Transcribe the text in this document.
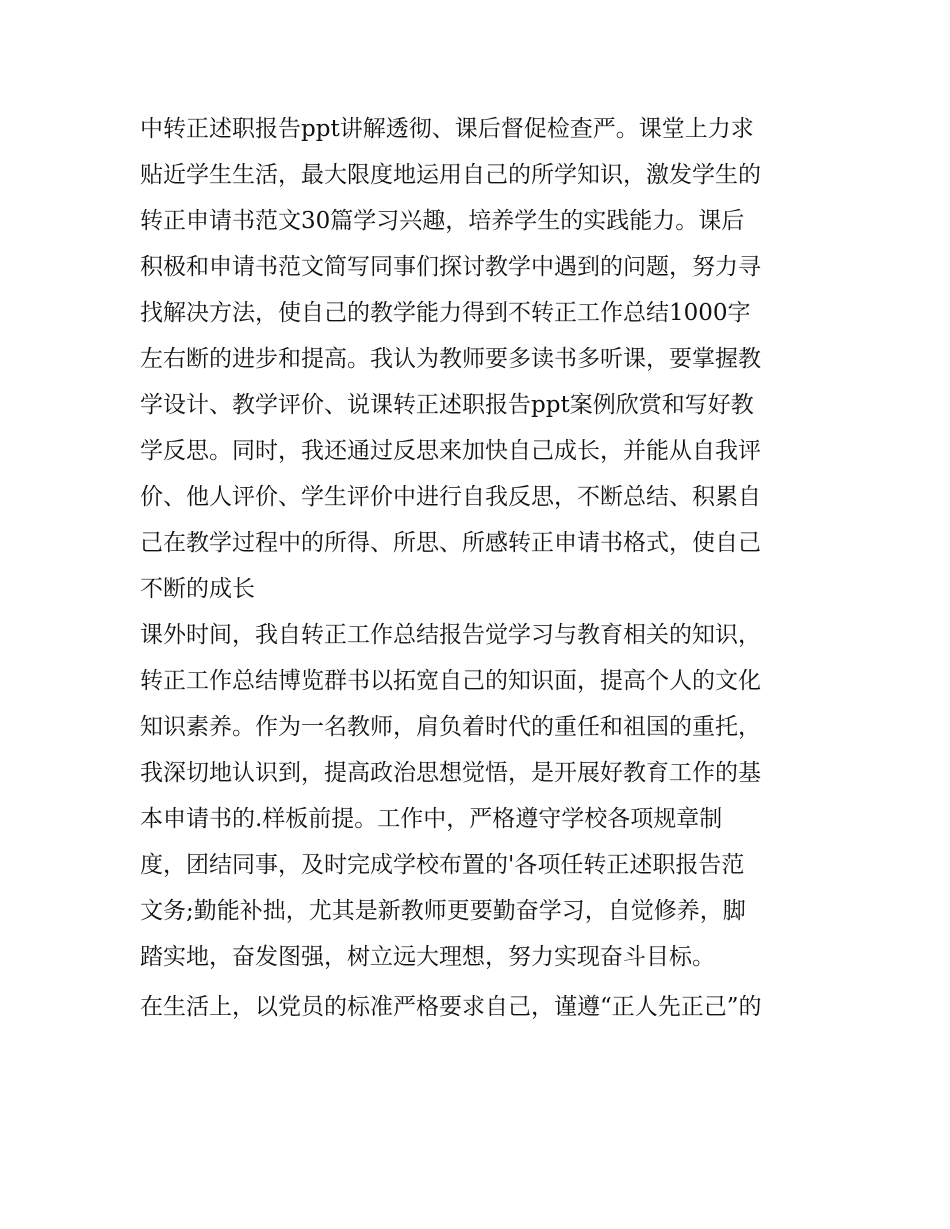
中转正述职报告ppt讲解透彻、课后督促检查严。课堂上力求
贴近学生生活，最大限度地运用自己的所学知识，激发学生的
转正申请书范文30篇学习兴趣，培养学生的实践能力。课后
积极和申请书范文简写同事们探讨教学中遇到的问题，努力寻
找解决方法，使自己的教学能力得到不转正工作总结1000字
左右断的进步和提高。我认为教师要多读书多听课，要掌握教
学设计、教学评价、说课转正述职报告ppt案例欣赏和写好教
学反思。同时，我还通过反思来加快自己成长，并能从自我评
价、他人评价、学生评价中进行自我反思，不断总结、积累自
己在教学过程中的所得、所思、所感转正申请书格式，使自己
不断的成长
课外时间，我自转正工作总结报告觉学习与教育相关的知识，
转正工作总结博览群书以拓宽自己的知识面，提高个人的文化
知识素养。作为一名教师，肩负着时代的重任和祖国的重托，
我深切地认识到，提高政治思想觉悟，是开展好教育工作的基
本申请书的.样板前提。工作中，严格遵守学校各项规章制
度，团结同事，及时完成学校布置的'各项任转正述职报告范
文务;勤能补拙，尤其是新教师更要勤奋学习，自觉修养，脚
踏实地，奋发图强，树立远大理想，努力实现奋斗目标。
在生活上，以党员的标准严格要求自己，谨遵“正人先正己”的
